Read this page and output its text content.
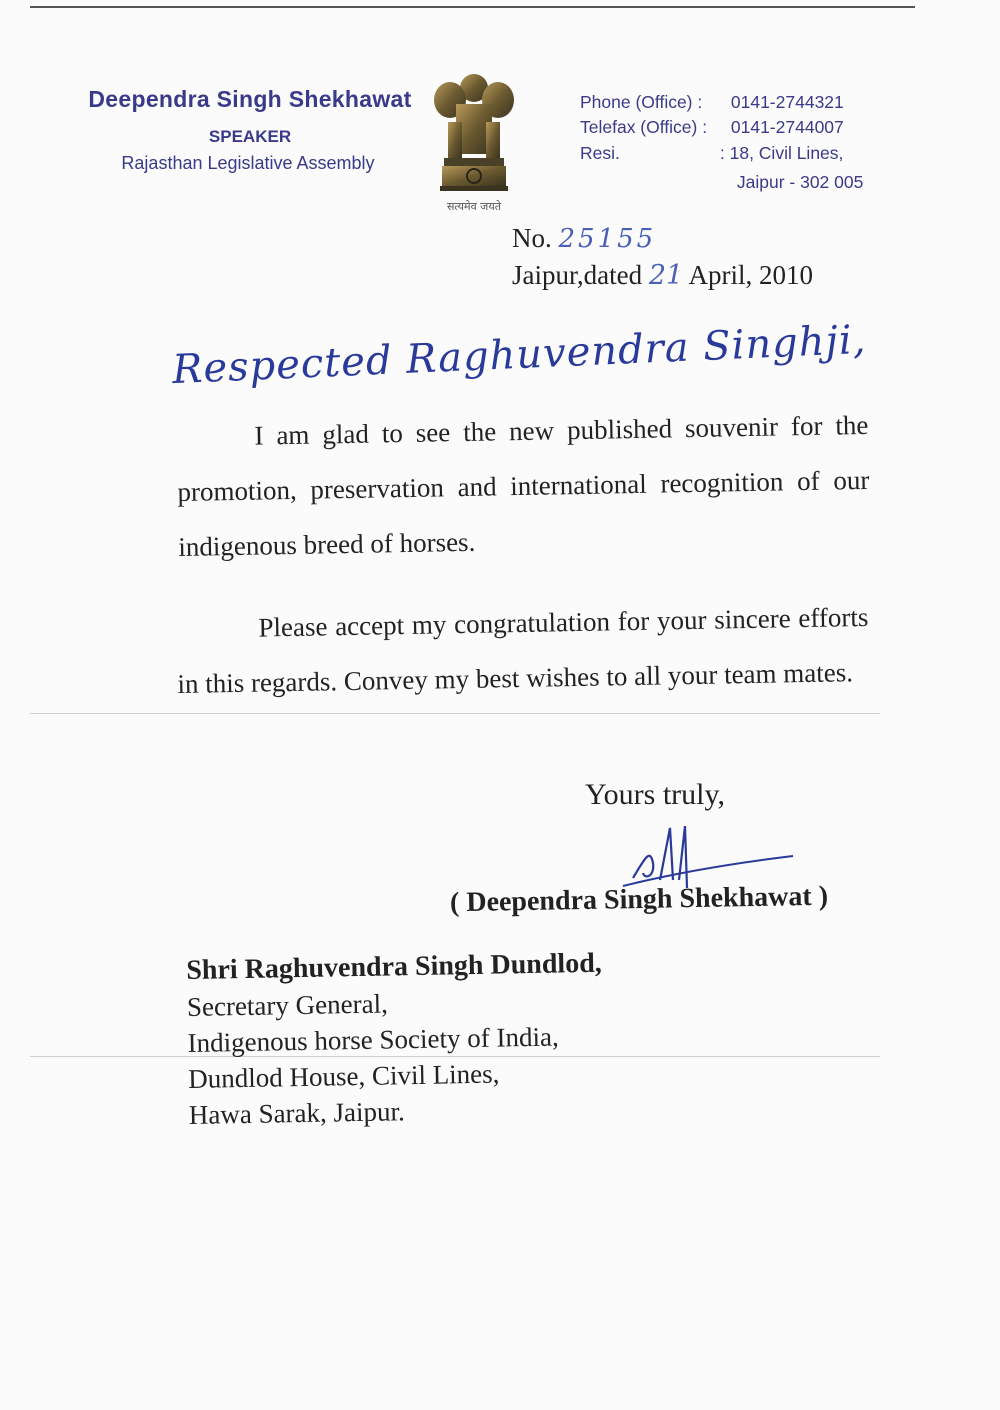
Deependra Singh Shekhawat
SPEAKER
Rajasthan Legislative Assembly
सत्यमेव जयते
Phone (Office) : 0141-2744321
Telefax (Office) : 0141-2744007
Resi.	: 18, Civil Lines,
Jaipur - 302 005
No. 25155
Jaipur,dated 21 April, 2010
Respected Raghuvendra Singhji,
I am glad to see the new published souvenir for the promotion, preservation and international recognition of our indigenous breed of horses.
Please accept my congratulation for your sincere efforts in this regards. Convey my best wishes to all your team mates.
Yours truly,
( Deependra Singh Shekhawat )
Shri Raghuvendra Singh Dundlod,
Secretary General,
Indigenous horse Society of India,
Dundlod House, Civil Lines,
Hawa Sarak, Jaipur.
